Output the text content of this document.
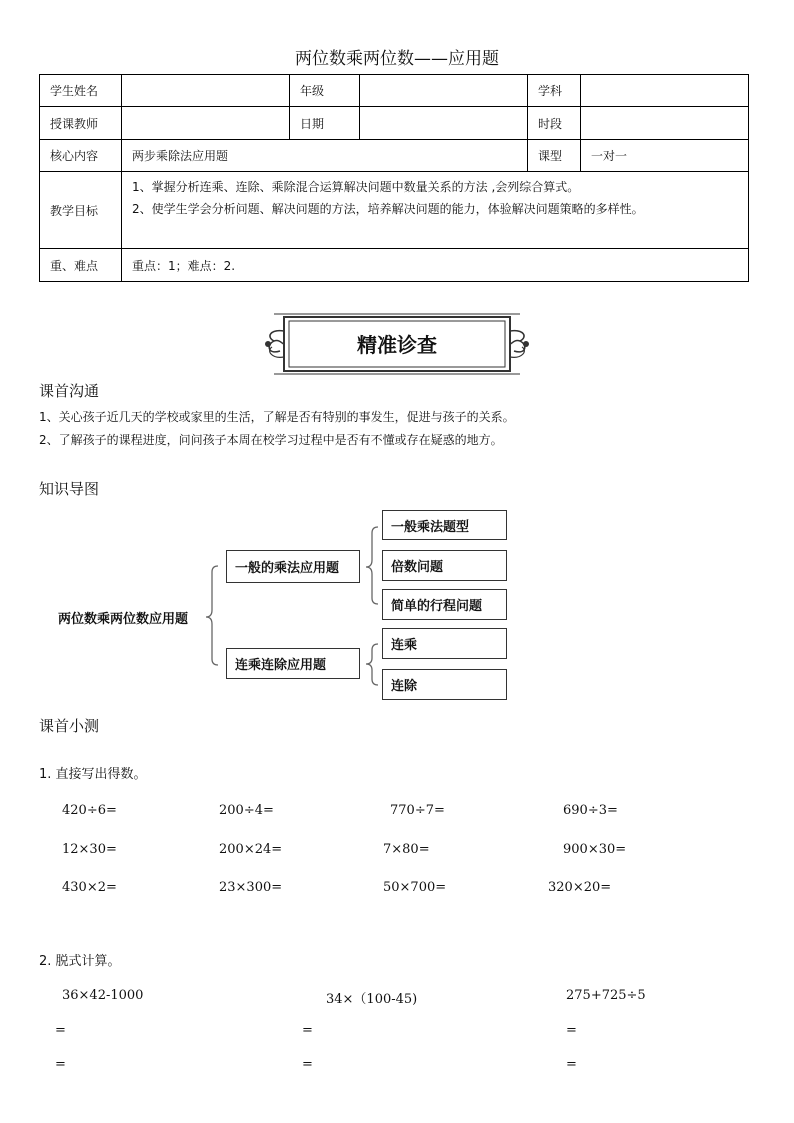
两位数乘两位数——应用题
学生姓名		年级		学科	
授课教师		日期		时段	
核心内容	两步乘除法应用题			课型	一对一
教学目标	1、掌握分析连乘、连除、乘除混合运算解决问题中数量关系的方法 ,会列综合算式。
2、使学生学会分析问题、解决问题的方法，培养解决问题的能力，体验解决问题策略的多样性。				

重、难点	重点：1；难点：2.				
精准诊查
课首沟通
1、关心孩子近几天的学校或家里的生活，了解是否有特别的事发生，促进与孩子的关系。
2、了解孩子的课程进度，问问孩子本周在校学习过程中是否有不懂或存在疑惑的地方。
知识导图
两位数乘两位数应用题
一般的乘法应用题
连乘连除应用题
一般乘法题型
倍数问题
简单的行程问题
连乘
连除
课首小测
1. 直接写出得数。
420÷6=	200÷4=	770÷7=	690÷3=
12×30=	200×24=	7×80=	900×30=
430×2=	23×300=	50×700=	320×20=
2. 脱式计算。
36×42-1000	34×（100-45)	275+725÷5
=	=	=
=	=	=
